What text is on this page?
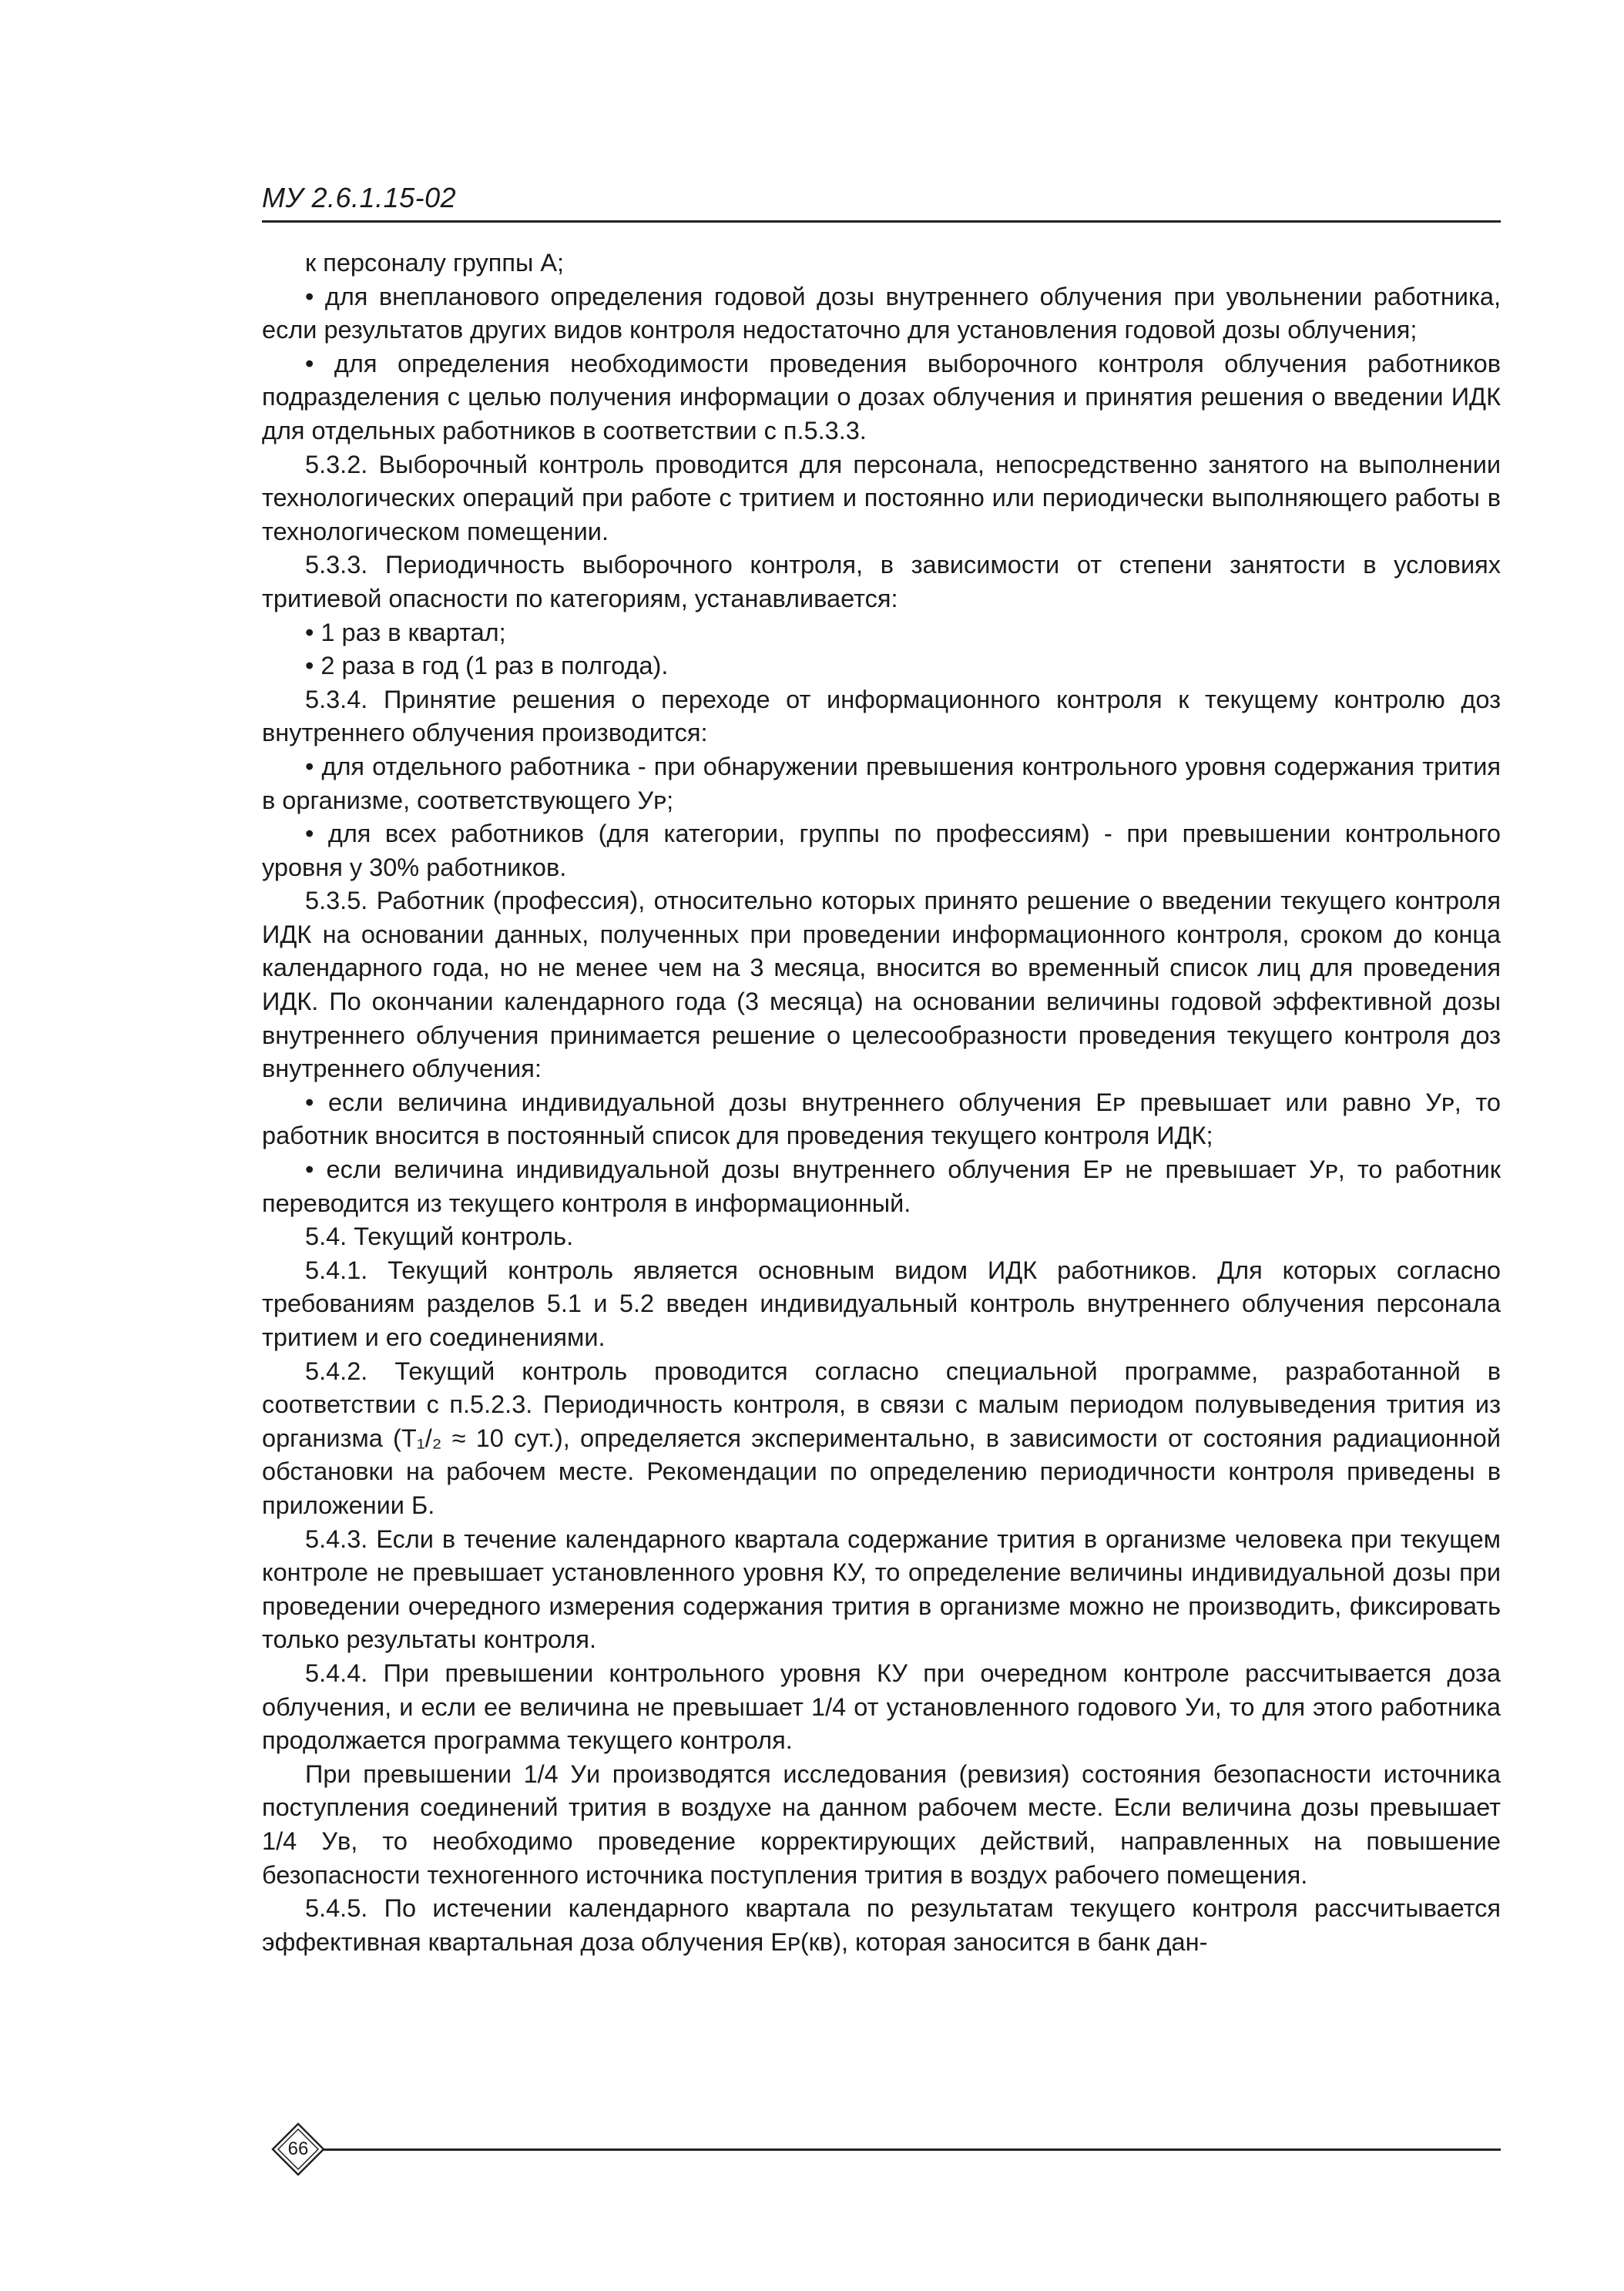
МУ 2.6.1.15-02

к персоналу группы А;

• для внепланового определения годовой дозы внутреннего облучения при увольнении работника, если результатов других видов контроля недостаточно для установления годовой дозы облучения;

• для определения необходимости проведения выборочного контроля облучения работников подразделения с целью получения информации о дозах облучения и принятия решения о введении ИДК для отдельных работников в соответствии с п.5.3.3.

5.3.2. Выборочный контроль проводится для персонала, непосредственно занятого на выполнении технологических операций при работе с тритием и постоянно или периодически выполняющего работы в технологическом помещении.

5.3.3. Периодичность выборочного контроля, в зависимости от степени занятости в условиях тритиевой опасности по категориям, устанавливается:

• 1 раз в квартал;

• 2 раза в год (1 раз в полгода).

5.3.4. Принятие решения о переходе от информационного контроля к текущему контролю доз внутреннего облучения производится:

• для отдельного работника - при обнаружении превышения контрольного уровня содержания трития в организме, соответствующего Уᴘ;

• для всех работников (для категории, группы по профессиям) - при превышении контрольного уровня у 30% работников.

5.3.5. Работник (профессия), относительно которых принято решение о введении текущего контроля ИДК на основании данных, полученных при проведении информационного контроля, сроком до конца календарного года, но не менее чем на 3 месяца, вносится во временный список лиц для проведения ИДК. По окончании календарного года (3 месяца) на основании величины годовой эффективной дозы внутреннего облучения принимается решение о целесообразности проведения текущего контроля доз внутреннего облучения:

• если величина индивидуальной дозы внутреннего облучения Eᴘ превышает или равно Уᴘ, то работник вносится в постоянный список для проведения текущего контроля ИДК;

• если величина индивидуальной дозы внутреннего облучения Eᴘ не превышает Уᴘ, то работник переводится из текущего контроля в информационный.

5.4. Текущий контроль.

5.4.1. Текущий контроль является основным видом ИДК работников. Для которых согласно требованиям разделов 5.1 и 5.2 введен индивидуальный контроль внутреннего облучения персонала тритием и его соединениями.

5.4.2. Текущий контроль проводится согласно специальной программе, разработанной в соответствии с п.5.2.3. Периодичность контроля, в связи с малым периодом полувыведения трития из организма (T₁/₂ ≈ 10 сут.), определяется экспериментально, в зависимости от состояния радиационной обстановки на рабочем месте. Рекомендации по определению периодичности контроля приведены в приложении Б.

5.4.3. Если в течение календарного квартала содержание трития в организме человека при текущем контроле не превышает установленного уровня КУ, то определение величины индивидуальной дозы при проведении очередного измерения содержания трития в организме можно не производить, фиксировать только результаты контроля.

5.4.4. При превышении контрольного уровня КУ при очередном контроле рассчитывается доза облучения, и если ее величина не превышает 1/4 от установленного годового Уᴎ, то для этого работника продолжается программа текущего контроля.

При превышении 1/4 Уᴎ производятся исследования (ревизия) состояния безопасности источника поступления соединений трития в воздухе на данном рабочем месте. Если величина дозы превышает 1/4 Уʙ, то необходимо проведение корректирующих действий, направленных на повышение безопасности техногенного источника поступления трития в воздух рабочего помещения.

5.4.5. По истечении календарного квартала по результатам текущего контроля рассчитывается эффективная квартальная доза облучения Eᴘ(кв), которая заносится в банк дан-

66
